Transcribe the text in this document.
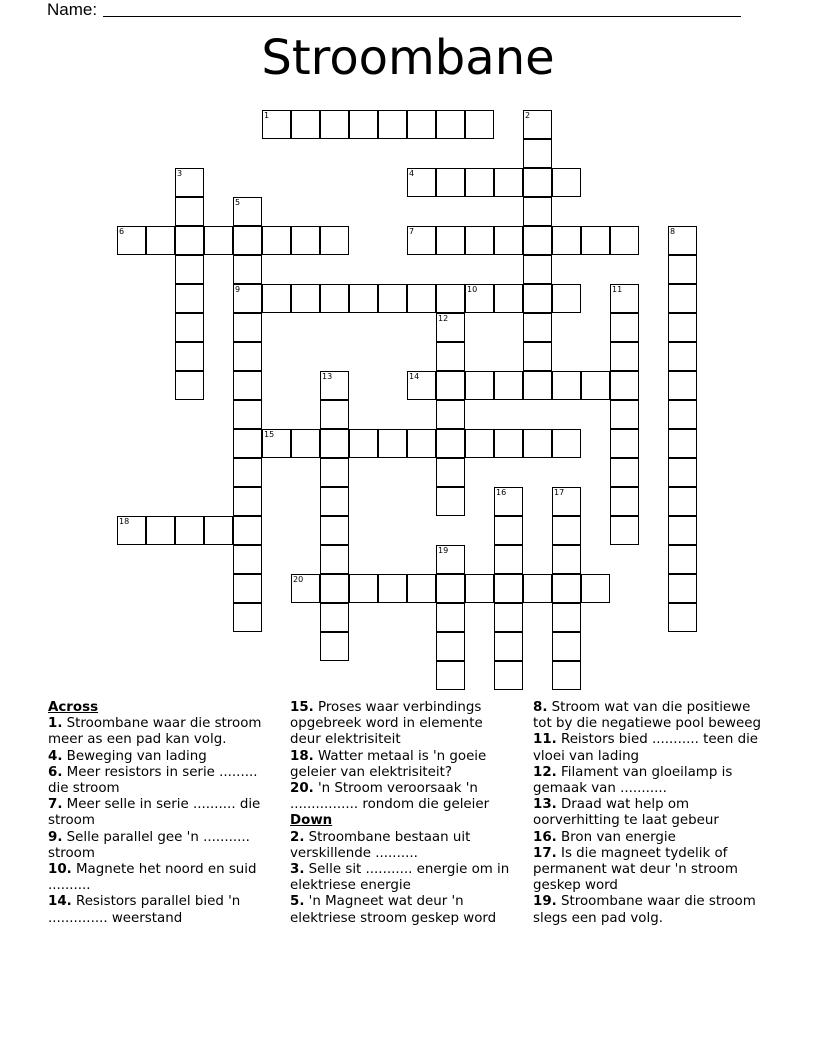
Name:
Stroombane
1	2
3	4
5
9
6	7	8
10	11
12
13	14
15
16	17
18
19
20
Across
1. Stroombane waar die stroom meer as een pad kan volg.
4. Beweging van lading
6. Meer resistors in serie ......... die stroom
7. Meer selle in serie .......... die stroom
9. Selle parallel gee 'n ........... stroom
10. Magnete het noord en suid ..........
14. Resistors parallel bied 'n .............. weerstand
15. Proses waar verbindings opgebreek word in elemente deur elektrisiteit
18. Watter metaal is 'n goeie geleier van elektrisiteit?
20. 'n Stroom veroorsaak 'n ................ rondom die geleier
Down
2. Stroombane bestaan uit verskillende ..........
3. Selle sit ........... energie om in elektriese energie
5. 'n Magneet wat deur 'n elektriese stroom geskep word
8. Stroom wat van die positiewe tot by die negatiewe pool beweeg
11. Reistors bied ........... teen die vloei van lading
12. Filament van gloeilamp is gemaak van ...........
13. Draad wat help om oorverhitting te laat gebeur
16. Bron van energie
17. Is die magneet tydelik of permanent wat deur 'n stroom geskep word
19. Stroombane waar die stroom slegs een pad volg.
